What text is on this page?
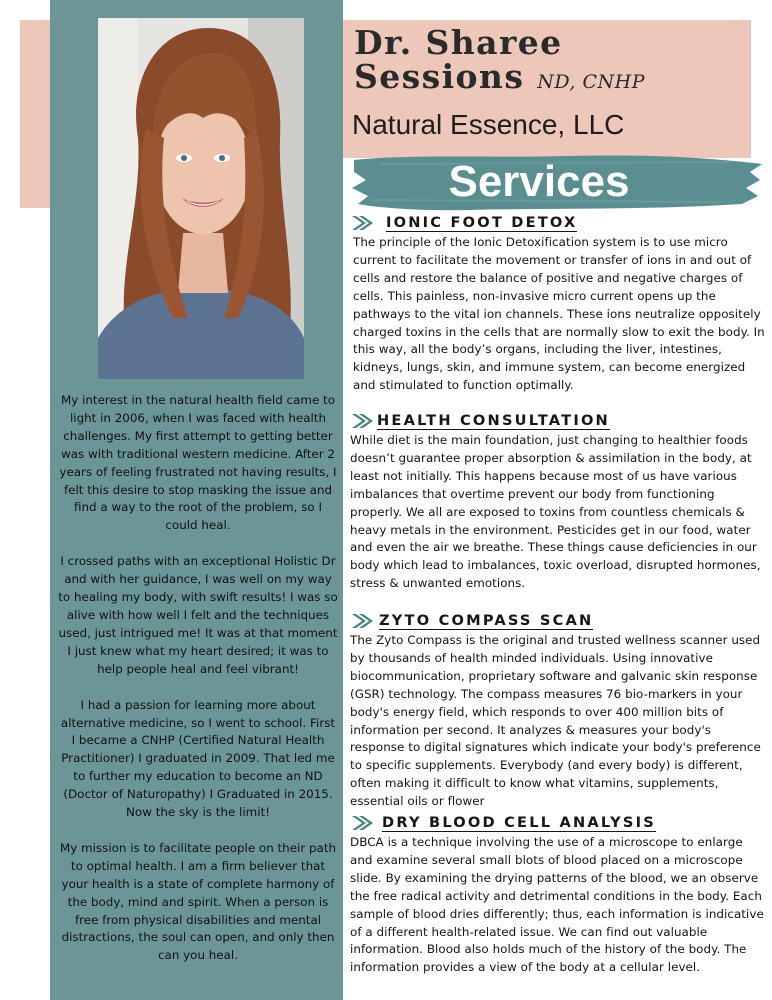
My interest in the natural health field came to light in 2006, when I was faced with health challenges. My first attempt to getting better was with traditional western medicine. After 2 years of feeling frustrated not having results, I felt this desire to stop masking the issue and find a way to the root of the problem, so I could heal.

I crossed paths with an exceptional Holistic Dr and with her guidance, I was well on my way to healing my body, with swift results! I was so alive with how well I felt and the techniques used, just intrigued me! It was at that moment I just knew what my heart desired; it was to help people heal and feel vibrant!

I had a passion for learning more about alternative medicine, so I went to school. First I became a CNHP (Certified Natural Health Practitioner) I graduated in 2009. That led me to further my education to become an ND (Doctor of Naturopathy) I Graduated in 2015. Now the sky is the limit!

My mission is to facilitate people on their path to optimal health. I am a firm believer that your health is a state of complete harmony of the body, mind and spirit. When a person is free from physical disabilities and mental distractions, the soul can open, and only then can you heal.

Dr. Sharee
Sessions ND, CNHP
Natural Essence, LLC
Services
IONIC FOOT DETOX

The principle of the Ionic Detoxification system is to use micro current to facilitate the movement or transfer of ions in and out of cells and restore the balance of positive and negative charges of cells. This painless, non-invasive micro current opens up the pathways to the vital ion channels. These ions neutralize oppositely charged toxins in the cells that are normally slow to exit the body. In this way, all the body’s organs, including the liver, intestines, kidneys, lungs, skin, and immune system, can become energized and stimulated to function optimally.

HEALTH CONSULTATION

While diet is the main foundation, just changing to healthier foods doesn’t guarantee proper absorption & assimilation in the body, at least not initially. This happens because most of us have various imbalances that overtime prevent our body from functioning properly. We all are exposed to toxins from countless chemicals & heavy metals in the environment. Pesticides get in our food, water and even the air we breathe. These things cause deficiencies in our body which lead to imbalances, toxic overload, disrupted hormones, stress & unwanted emotions.

ZYTO COMPASS SCAN

The Zyto Compass is the original and trusted wellness scanner used by thousands of health minded individuals. Using innovative biocommunication, proprietary software and galvanic skin response (GSR) technology. The compass measures 76 bio-markers in your body's energy field, which responds to over 400 million bits of information per second. It analyzes & measures your body's response to digital signatures which indicate your body's preference to specific supplements. Everybody (and every body) is different, often making it difficult to know what vitamins, supplements, essential oils or flower

DRY BLOOD CELL ANALYSIS

DBCA is a technique involving the use of a microscope to enlarge and examine several small blots of blood placed on a microscope slide. By examining the drying patterns of the blood, we an observe the free radical activity and detrimental conditions in the body. Each sample of blood dries differently; thus, each information is indicative of a different health-related issue. We can find out valuable information. Blood also holds much of the history of the body. The information provides a view of the body at a cellular level.
